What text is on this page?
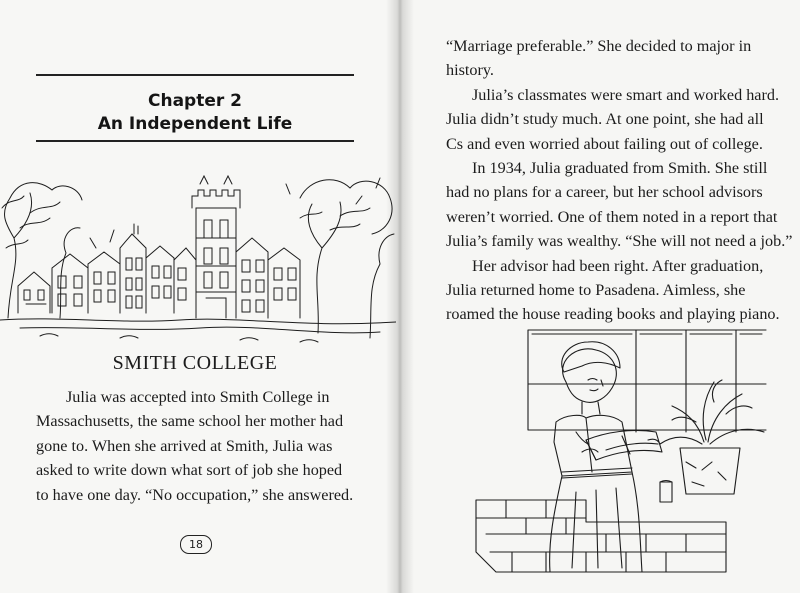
Chapter 2
An Independent Life
SMITH COLLEGE

Julia was accepted into Smith College in

Massachusetts, the same school her mother had

gone to. When she arrived at Smith, Julia was

asked to write down what sort of job she hoped

to have one day. “No occupation,” she answered.

18

“Marriage preferable.” She decided to major in

history.

Julia’s classmates were smart and worked hard.

Julia didn’t study much. At one point, she had all

Cs and even worried about failing out of college.

In 1934, Julia graduated from Smith. She still

had no plans for a career, but her school advisors

weren’t worried. One of them noted in a report that

Julia’s family was wealthy. “She will not need a job.”

Her advisor had been right. After graduation,

Julia returned home to Pasadena. Aimless, she

roamed the house reading books and playing piano.
